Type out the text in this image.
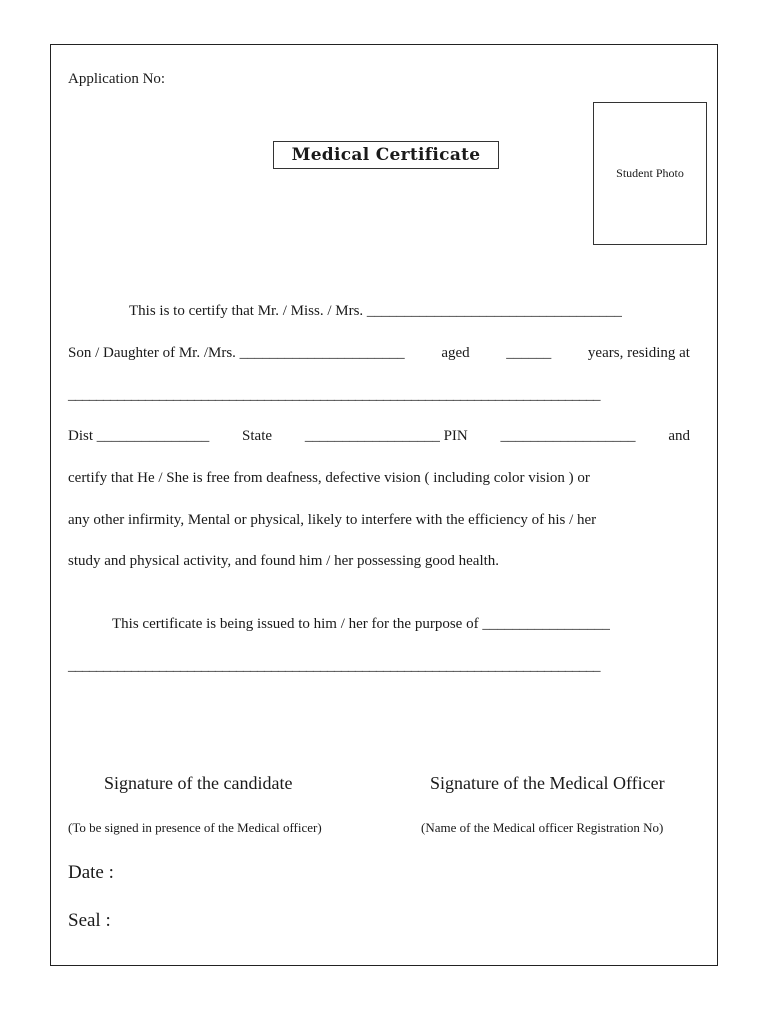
Application No:
Medical Certificate
Student Photo
This is to certify that Mr. / Miss. / Mrs. __________________________________
Son / Daughter of Mr. /Mrs. ______________________ aged ______ years, residing at
____________________________________________________________________________
Dist _______________ State __________________ PIN __________________ and
certify that He / She is free from deafness, defective vision ( including color vision ) or
any other infirmity, Mental or physical, likely to interfere with the efficiency of his / her
study and physical activity, and found him / her possessing good health.
This certificate is being issued to him / her for the purpose of _________________
____________________________________________________________________________
Signature of the candidate
(To be signed in presence of the Medical officer)
Signature of the Medical Officer
(Name of the Medical officer Registration No)
Date :
Seal :
